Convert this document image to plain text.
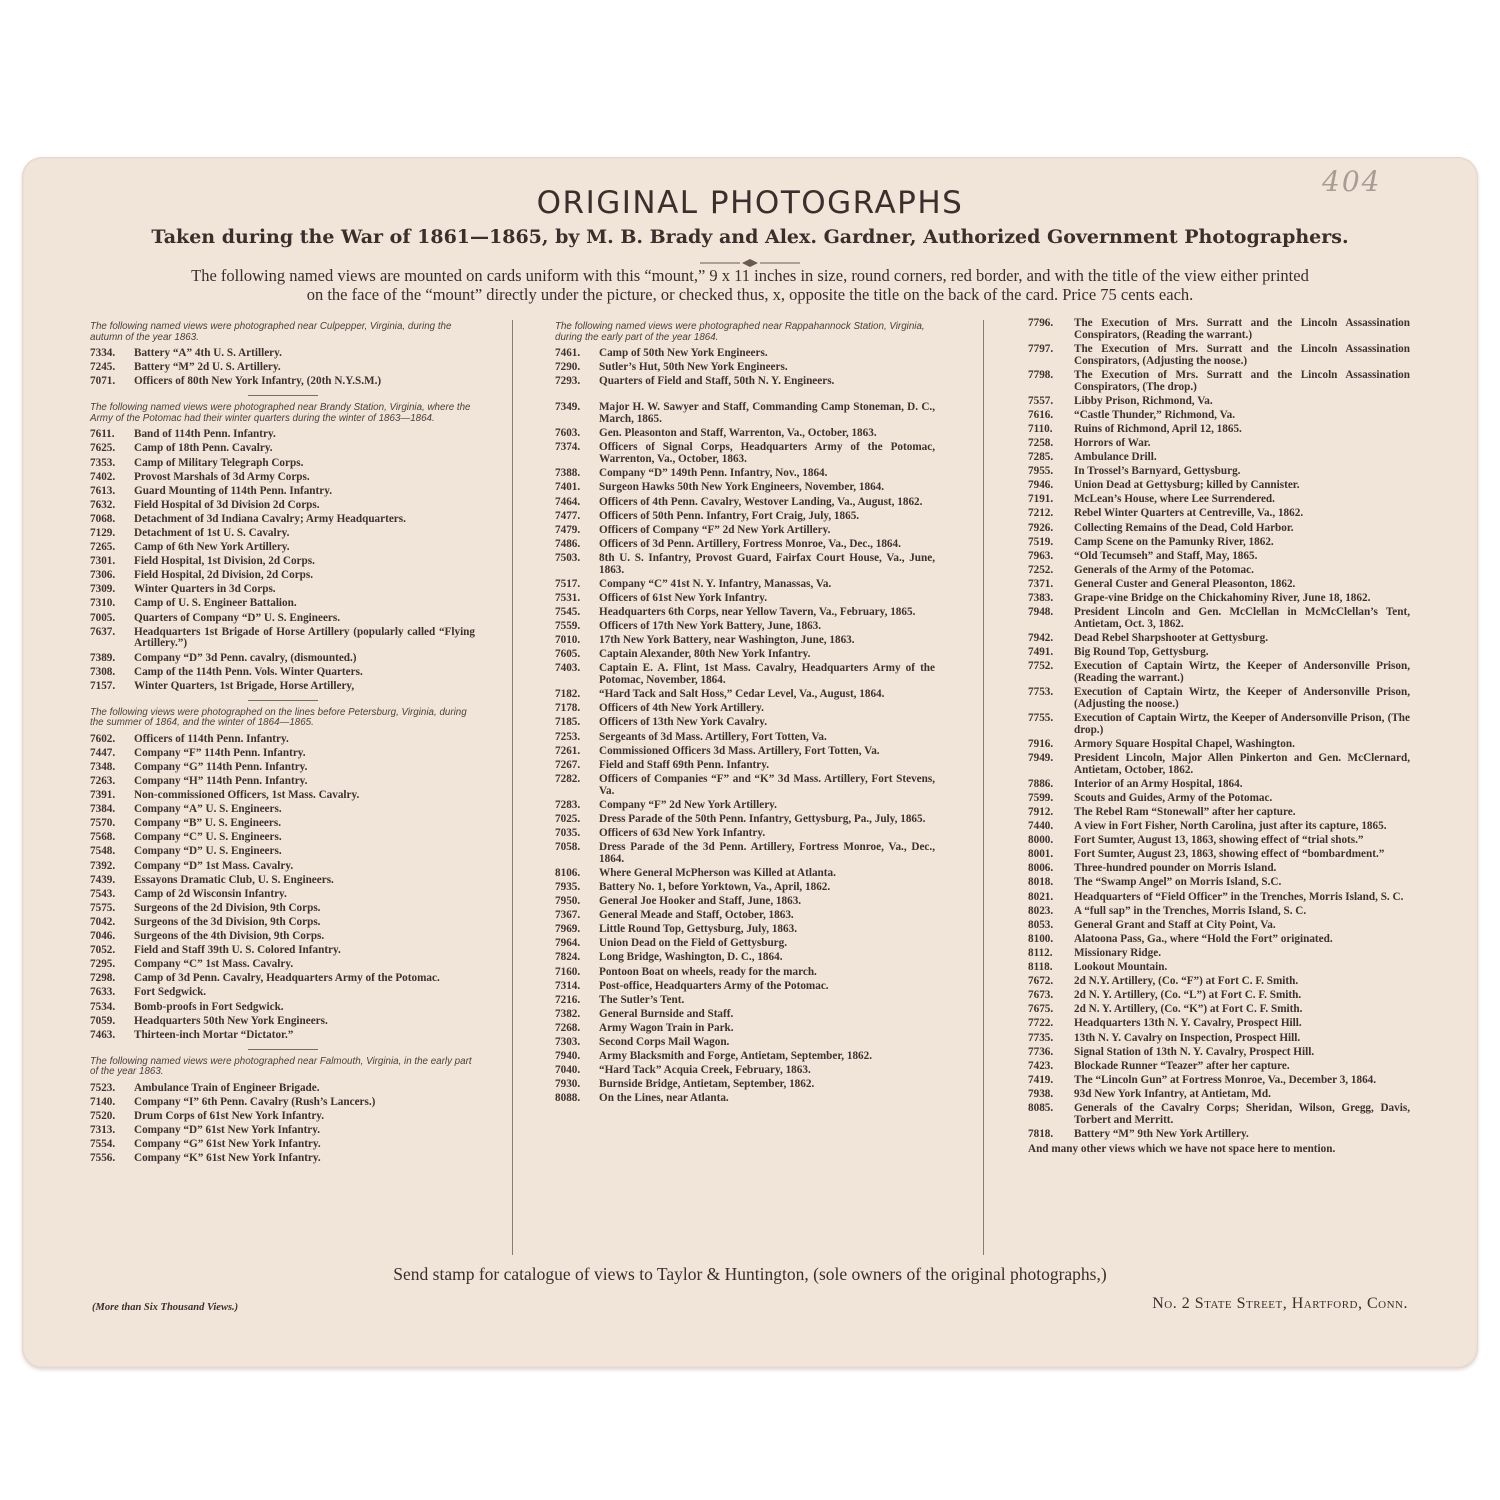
404
ORIGINAL PHOTOGRAPHS
Taken during the War of 1861—1865, by M. B. Brady and Alex. Gardner, Authorized Government Photographers.
The following named views are mounted on cards uniform with this “mount,” 9 x 11 inches in size, round corners, red border, and with the title of the view either printed
on the face of the “mount” directly under the picture, or checked thus, x, opposite the title on the back of the card. Price 75 cents each.
The following named views were photographed near Culpepper, Virginia, during the autumn of the year 1863.
7334.	Battery “A” 4th U. S. Artillery.
7245.	Battery “M” 2d U. S. Artillery.
7071.	Officers of 80th New York Infantry, (20th N.Y.S.M.)
The following named views were photographed near Brandy Station, Virginia, where the Army of the Potomac had their winter quarters during the winter of 1863—1864.
7611.	Band of 114th Penn. Infantry.
7625.	Camp of 18th Penn. Cavalry.
7353.	Camp of Military Telegraph Corps.
7402.	Provost Marshals of 3d Army Corps.
7613.	Guard Mounting of 114th Penn. Infantry.
7632.	Field Hospital of 3d Division 2d Corps.
7068.	Detachment of 3d Indiana Cavalry; Army Headquarters.
7129.	Detachment of 1st U. S. Cavalry.
7265.	Camp of 6th New York Artillery.
7301.	Field Hospital, 1st Division, 2d Corps.
7306.	Field Hospital, 2d Division, 2d Corps.
7309.	Winter Quarters in 3d Corps.
7310.	Camp of U. S. Engineer Battalion.
7005.	Quarters of Company “D” U. S. Engineers.
7637.	Headquarters 1st Brigade of Horse Artillery (popularly called “Flying Artillery.”)
7389.	Company “D” 3d Penn. cavalry, (dismounted.)
7308.	Camp of the 114th Penn. Vols. Winter Quarters.
7157.	Winter Quarters, 1st Brigade, Horse Artillery,
The following views were photographed on the lines before Petersburg, Virginia, during the summer of 1864, and the winter of 1864—1865.
7602.	Officers of 114th Penn. Infantry.
7447.	Company “F” 114th Penn. Infantry.
7348.	Company “G” 114th Penn. Infantry.
7263.	Company “H” 114th Penn. Infantry.
7391.	Non-commissioned Officers, 1st Mass. Cavalry.
7384.	Company “A” U. S. Engineers.
7570.	Company “B” U. S. Engineers.
7568.	Company “C” U. S. Engineers.
7548.	Company “D” U. S. Engineers.
7392.	Company “D” 1st Mass. Cavalry.
7439.	Essayons Dramatic Club, U. S. Engineers.
7543.	Camp of 2d Wisconsin Infantry.
7575.	Surgeons of the 2d Division, 9th Corps.
7042.	Surgeons of the 3d Division, 9th Corps.
7046.	Surgeons of the 4th Division, 9th Corps.
7052.	Field and Staff 39th U. S. Colored Infantry.
7295.	Company “C” 1st Mass. Cavalry.
7298.	Camp of 3d Penn. Cavalry, Headquarters Army of the Potomac.
7633.	Fort Sedgwick.
7534.	Bomb-proofs in Fort Sedgwick.
7059.	Headquarters 50th New York Engineers.
7463.	Thirteen-inch Mortar “Dictator.”
The following named views were photographed near Falmouth, Virginia, in the early part of the year 1863.
7523.	Ambulance Train of Engineer Brigade.
7140.	Company “I” 6th Penn. Cavalry (Rush’s Lancers.)
7520.	Drum Corps of 61st New York Infantry.
7313.	Company “D” 61st New York Infantry.
7554.	Company “G” 61st New York Infantry.
7556.	Company “K” 61st New York Infantry.
The following named views were photographed near Rappahannock Station, Virginia, during the early part of the year 1864.
7461.	Camp of 50th New York Engineers.
7290.	Sutler’s Hut, 50th New York Engineers.
7293.	Quarters of Field and Staff, 50th N. Y. Engineers.
7349.	Major H. W. Sawyer and Staff, Commanding Camp Stoneman, D. C., March, 1865.
7603.	Gen. Pleasonton and Staff, Warrenton, Va., October, 1863.
7374.	Officers of Signal Corps, Headquarters Army of the Potomac, Warrenton, Va., October, 1863.
7388.	Company “D” 149th Penn. Infantry, Nov., 1864.
7401.	Surgeon Hawks 50th New York Engineers, November, 1864.
7464.	Officers of 4th Penn. Cavalry, Westover Landing, Va., August, 1862.
7477.	Officers of 50th Penn. Infantry, Fort Craig, July, 1865.
7479.	Officers of Company “F” 2d New York Artillery.
7486.	Officers of 3d Penn. Artillery, Fortress Monroe, Va., Dec., 1864.
7503.	8th U. S. Infantry, Provost Guard, Fairfax Court House, Va., June, 1863.
7517.	Company “C” 41st N. Y. Infantry, Manassas, Va.
7531.	Officers of 61st New York Infantry.
7545.	Headquarters 6th Corps, near Yellow Tavern, Va., February, 1865.
7559.	Officers of 17th New York Battery, June, 1863.
7010.	17th New York Battery, near Washington, June, 1863.
7605.	Captain Alexander, 80th New York Infantry.
7403.	Captain E. A. Flint, 1st Mass. Cavalry, Headquarters Army of the Potomac, November, 1864.
7182.	“Hard Tack and Salt Hoss,” Cedar Level, Va., August, 1864.
7178.	Officers of 4th New York Artillery.
7185.	Officers of 13th New York Cavalry.
7253.	Sergeants of 3d Mass. Artillery, Fort Totten, Va.
7261.	Commissioned Officers 3d Mass. Artillery, Fort Totten, Va.
7267.	Field and Staff 69th Penn. Infantry.
7282.	Officers of Companies “F” and “K” 3d Mass. Artillery, Fort Stevens, Va.
7283.	Company “F” 2d New York Artillery.
7025.	Dress Parade of the 50th Penn. Infantry, Gettysburg, Pa., July, 1865.
7035.	Officers of 63d New York Infantry.
7058.	Dress Parade of the 3d Penn. Artillery, Fortress Monroe, Va., Dec., 1864.
8106.	Where General McPherson was Killed at Atlanta.
7935.	Battery No. 1, before Yorktown, Va., April, 1862.
7950.	General Joe Hooker and Staff, June, 1863.
7367.	General Meade and Staff, October, 1863.
7969.	Little Round Top, Gettysburg, July, 1863.
7964.	Union Dead on the Field of Gettysburg.
7824.	Long Bridge, Washington, D. C., 1864.
7160.	Pontoon Boat on wheels, ready for the march.
7314.	Post-office, Headquarters Army of the Potomac.
7216.	The Sutler’s Tent.
7382.	General Burnside and Staff.
7268.	Army Wagon Train in Park.
7303.	Second Corps Mail Wagon.
7940.	Army Blacksmith and Forge, Antietam, September, 1862.
7040.	“Hard Tack” Acquia Creek, February, 1863.
7930.	Burnside Bridge, Antietam, September, 1862.
8088.	On the Lines, near Atlanta.
7796.	The Execution of Mrs. Surratt and the Lincoln Assassination Conspirators, (Reading the warrant.)
7797.	The Execution of Mrs. Surratt and the Lincoln Assassination Conspirators, (Adjusting the noose.)
7798.	The Execution of Mrs. Surratt and the Lincoln Assassination Conspirators, (The drop.)
7557.	Libby Prison, Richmond, Va.
7616.	“Castle Thunder,” Richmond, Va.
7110.	Ruins of Richmond, April 12, 1865.
7258.	Horrors of War.
7285.	Ambulance Drill.
7955.	In Trossel’s Barnyard, Gettysburg.
7946.	Union Dead at Gettysburg; killed by Cannister.
7191.	McLean’s House, where Lee Surrendered.
7212.	Rebel Winter Quarters at Centreville, Va., 1862.
7926.	Collecting Remains of the Dead, Cold Harbor.
7519.	Camp Scene on the Pamunky River, 1862.
7963.	“Old Tecumseh” and Staff, May, 1865.
7252.	Generals of the Army of the Potomac.
7371.	General Custer and General Pleasonton, 1862.
7383.	Grape-vine Bridge on the Chickahominy River, June 18, 1862.
7948.	President Lincoln and Gen. McClellan in McMcClellan’s Tent, Antietam, Oct. 3, 1862.
7942.	Dead Rebel Sharpshooter at Gettysburg.
7491.	Big Round Top, Gettysburg.
7752.	Execution of Captain Wirtz, the Keeper of Andersonville Prison, (Reading the warrant.)
7753.	Execution of Captain Wirtz, the Keeper of Andersonville Prison, (Adjusting the noose.)
7755.	Execution of Captain Wirtz, the Keeper of Andersonville Prison, (The drop.)
7916.	Armory Square Hospital Chapel, Washington.
7949.	President Lincoln, Major Allen Pinkerton and Gen. McClernard, Antietam, October, 1862.
7886.	Interior of an Army Hospital, 1864.
7599.	Scouts and Guides, Army of the Potomac.
7912.	The Rebel Ram “Stonewall” after her capture.
7440.	A view in Fort Fisher, North Carolina, just after its capture, 1865.
8000.	Fort Sumter, August 13, 1863, showing effect of “trial shots.”
8001.	Fort Sumter, August 23, 1863, showing effect of “bombardment.”
8006.	Three-hundred pounder on Morris Island.
8018.	The “Swamp Angel” on Morris Island, S.C.
8021.	Headquarters of “Field Officer” in the Trenches, Morris Island, S. C.
8023.	A “full sap” in the Trenches, Morris Island, S. C.
8053.	General Grant and Staff at City Point, Va.
8100.	Alatoona Pass, Ga., where “Hold the Fort” originated.
8112.	Missionary Ridge.
8118.	Lookout Mountain.
7672.	2d N.Y. Artillery, (Co. “F”) at Fort C. F. Smith.
7673.	2d N. Y. Artillery, (Co. “L”) at Fort C. F. Smith.
7675.	2d N. Y. Artillery, (Co. “K”) at Fort C. F. Smith.
7722.	Headquarters 13th N. Y. Cavalry, Prospect Hill.
7735.	13th N. Y. Cavalry on Inspection, Prospect Hill.
7736.	Signal Station of 13th N. Y. Cavalry, Prospect Hill.
7423.	Blockade Runner “Teazer” after her capture.
7419.	The “Lincoln Gun” at Fortress Monroe, Va., December 3, 1864.
7938.	93d New York Infantry, at Antietam, Md.
8085.	Generals of the Cavalry Corps; Sheridan, Wilson, Gregg, Davis, Torbert and Merritt.
7818.	Battery “M” 9th New York Artillery.
And many other views which we have not space here to mention.
Send stamp for catalogue of views to Taylor & Huntington, (sole owners of the original photographs,)
(More than Six Thousand Views.)	No. 2 State Street, Hartford, Conn.
